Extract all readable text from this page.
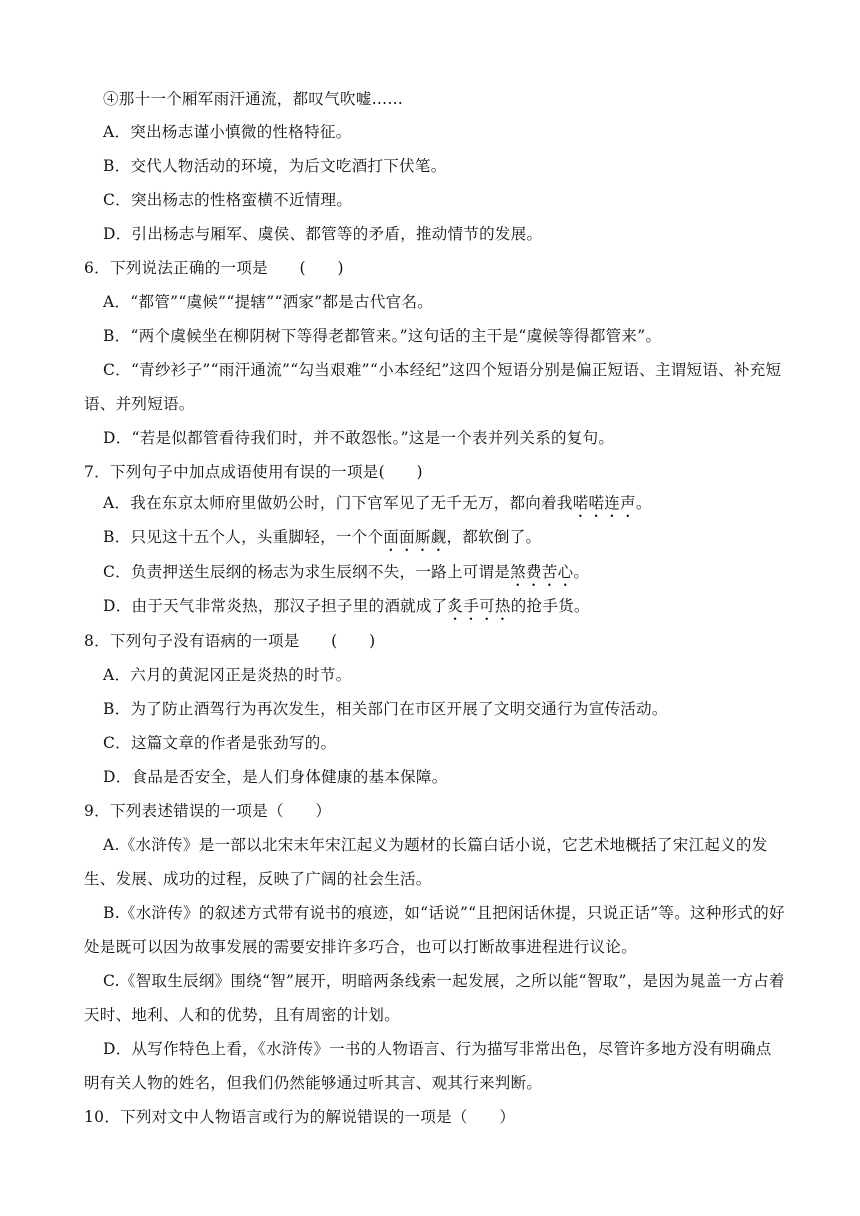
④那十一个厢军雨汗通流，都叹气吹嘘……
A．突出杨志谨小慎微的性格特征。
B．交代人物活动的环境，为后文吃酒打下伏笔。
C．突出杨志的性格蛮横不近情理。
D．引出杨志与厢军、虞侯、都管等的矛盾，推动情节的发展。
6．下列说法正确的一项是　　(　　)
A．“都管”“虞候”“提辖”“洒家”都是古代官名。
B．“两个虞候坐在柳阴树下等得老都管来。”这句话的主干是“虞候等得都管来”。
C．“青纱衫子”“雨汗通流”“勾当艰难”“小本经纪”这四个短语分别是偏正短语、主谓短语、补充短
语、并列短语。
D．“若是似都管看待我们时，并不敢怨怅。”这是一个表并列关系的复句。
7．下列句子中加点成语使用有误的一项是(　　)
A．我在东京太师府里做奶公时，门下官军见了无千无万，都向着我喏喏连声。
B．只见这十五个人，头重脚轻，一个个面面厮觑，都软倒了。
C．负责押送生辰纲的杨志为求生辰纲不失，一路上可谓是煞费苦心。
D．由于天气非常炎热，那汉子担子里的酒就成了炙手可热的抢手货。
8．下列句子没有语病的一项是　　(　　)
A．六月的黄泥冈正是炎热的时节。
B．为了防止酒驾行为再次发生，相关部门在市区开展了文明交通行为宣传活动。
C．这篇文章的作者是张劲写的。
D．食品是否安全，是人们身体健康的基本保障。
9．下列表述错误的一项是（　　）
A.《水浒传》是一部以北宋末年宋江起义为题材的长篇白话小说，它艺术地概括了宋江起义的发
生、发展、成功的过程，反映了广阔的社会生活。
B.《水浒传》的叙述方式带有说书的痕迹，如“话说”“且把闲话休提，只说正话”等。这种形式的好
处是既可以因为故事发展的需要安排许多巧合，也可以打断故事进程进行议论。
C.《智取生辰纲》围绕“智”展开，明暗两条线索一起发展，之所以能“智取”，是因为晁盖一方占着
天时、地利、人和的优势，且有周密的计划。
D．从写作特色上看，《水浒传》一书的人物语言、行为描写非常出色，尽管许多地方没有明确点
明有关人物的姓名，但我们仍然能够通过听其言、观其行来判断。
10．下列对文中人物语言或行为的解说错误的一项是（　　）
